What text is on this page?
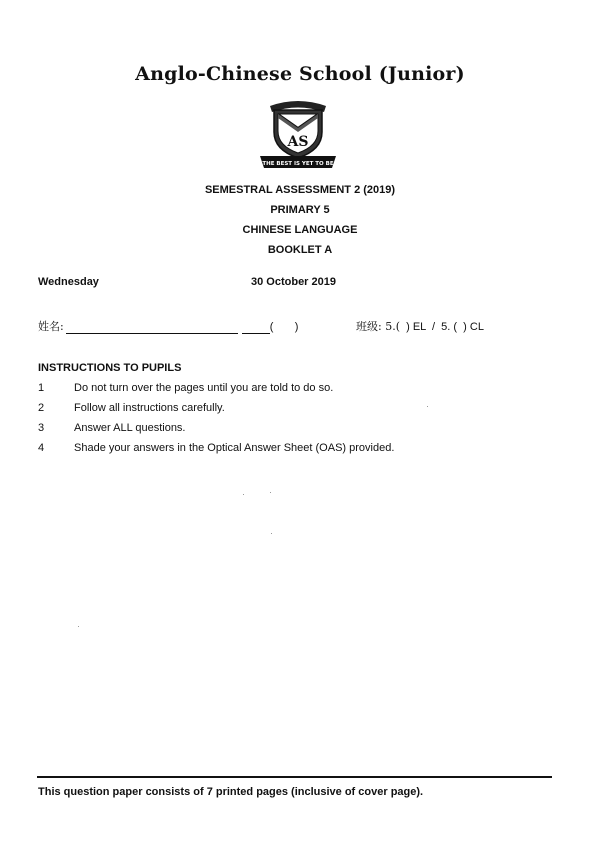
Anglo-Chinese School (Junior)
AS
THE BEST IS YET TO BE
SEMESTRAL ASSESSMENT 2 (2019)
PRIMARY 5
CHINESE LANGUAGE
BOOKLET A
Wednesday	30 October 2019
姓名:	(       )	班级: 5.(  ) EL  /  5. (  ) CL
INSTRUCTIONS TO PUPILS
1	Do not turn over the pages until you are told to do so.
2	Follow all instructions carefully.
3	Answer ALL questions.
4	Shade your answers in the Optical Answer Sheet (OAS) provided.
This question paper consists of 7 printed pages (inclusive of cover page).
